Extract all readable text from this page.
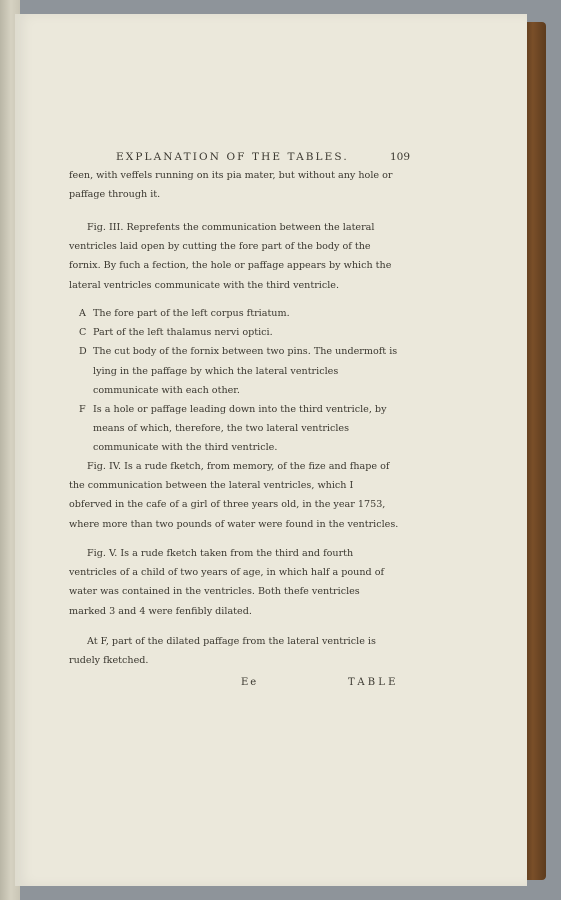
EXPLANATION OF THE TABLES.	109

feen, with veffels running on its pia mater, but without any hole or paffage through it.

Fig. III. Reprefents the communication between the lateral ventricles laid open by cutting the fore part of the body of the fornix. By fuch a fection, the hole or paffage appears by which the lateral ventricles communicate with the third ventricle.

A The fore part of the left corpus ftriatum.
C Part of the left thalamus nervi optici.
D The cut body of the fornix between two pins. The undermoft is lying in the paffage by which the lateral ventricles communicate with each other.
F Is a hole or paffage leading down into the third ventricle, by means of which, therefore, the two lateral ventricles communicate with the third ventricle.

Fig. IV. Is a rude fketch, from memory, of the fize and fhape of the communication between the lateral ventricles, which I obferved in the cafe of a girl of three years old, in the year 1753, where more than two pounds of water were found in the ventricles.

Fig. V. Is a rude fketch taken from the third and fourth ventricles of a child of two years of age, in which half a pound of water was contained in the ventricles. Both thefe ventricles marked 3 and 4 were fenfibly dilated.

At F, part of the dilated paffage from the lateral ventricle is rudely fketched.

Ee	TABLE
